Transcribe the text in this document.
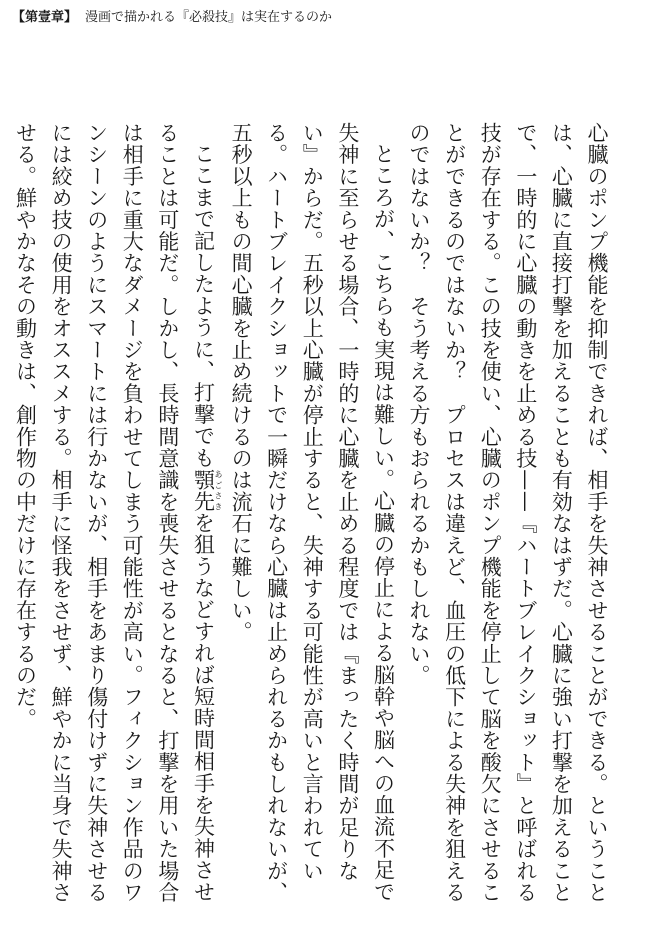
【第壹章】 漫画で描かれる『必殺技』は実在するのか

心臓のポンプ機能を抑制できれば、相手を失神させることができる。ということは、心臓に直接打撃を加えることも有効なはずだ。心臓に強い打撃を加えることで、一時的に心臓の動きを止める技——『ハートブレイクショット』と呼ばれる技が存在する。この技を使い、心臓のポンプ機能を停止して脳を酸欠にさせることができるのではないか？　プロセスは違えど、血圧の低下による失神を狙えるのではないか？　そう考える方もおられるかもしれない。

ところが、こちらも実現は難しい。心臓の停止による脳幹や脳への血流不足で失神に至らせる場合、一時的に心臓を止める程度では『まったく時間が足りない』からだ。五秒以上心臓が停止すると、失神する可能性が高いと言われている。ハートブレイクショットで一瞬だけなら心臓は止められるかもしれないが、五秒以上もの間心臓を止め続けるのは流石に難しい。

ここまで記したように、打撃でも顎先あごさきを狙うなどすれば短時間相手を失神させることは可能だ。しかし、長時間意識を喪失させるとなると、打撃を用いた場合は相手に重大なダメージを負わせてしまう可能性が高い。フィクション作品のワンシーンのようにスマートには行かないが、相手をあまり傷付けずに失神させるには絞め技の使用をオススメする。相手に怪我をさせず、鮮やかに当身で失神させる。鮮やかなその動きは、創作物の中だけに存在するのだ。
